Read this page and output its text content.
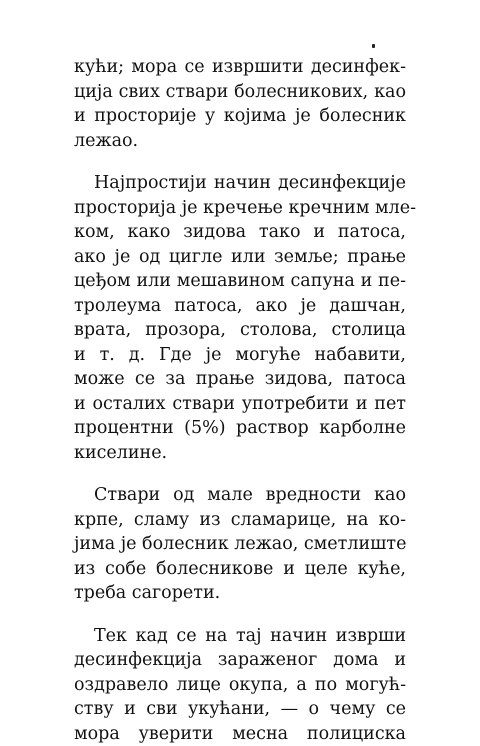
кући; мора се извршити десинфек-
ција свих ствари болесникових, као
и просторије у којима је болесник
лежао.

Најпростији начин десинфекције
просторија је кречење кречним мле-
ком, како зидова тако и патоса,
ако је од цигле или земље; прање
цеђом или мешавином сапуна и пе-
тролеума патоса, ако је дашчан,
врата, прозора, столова, столица
и т. д. Где је могуће набавити,
може се за прање зидова, патоса
и осталих ствари употребити и пет
процентни (5%) раствор карболне
киселине.

Ствари од мале вредности као
крпе, сламу из сламарице, на ко-
јима је болесник лежао, сметлиште
из собе болесникове и целе куће,
треба сагорети.

Тек кад се на тај начин изврши
десинфекција зараженог дома и
оздравело лице окупа, а по могућ-
ству и сви укућани, — о чему се
мора уверити месна полициска
